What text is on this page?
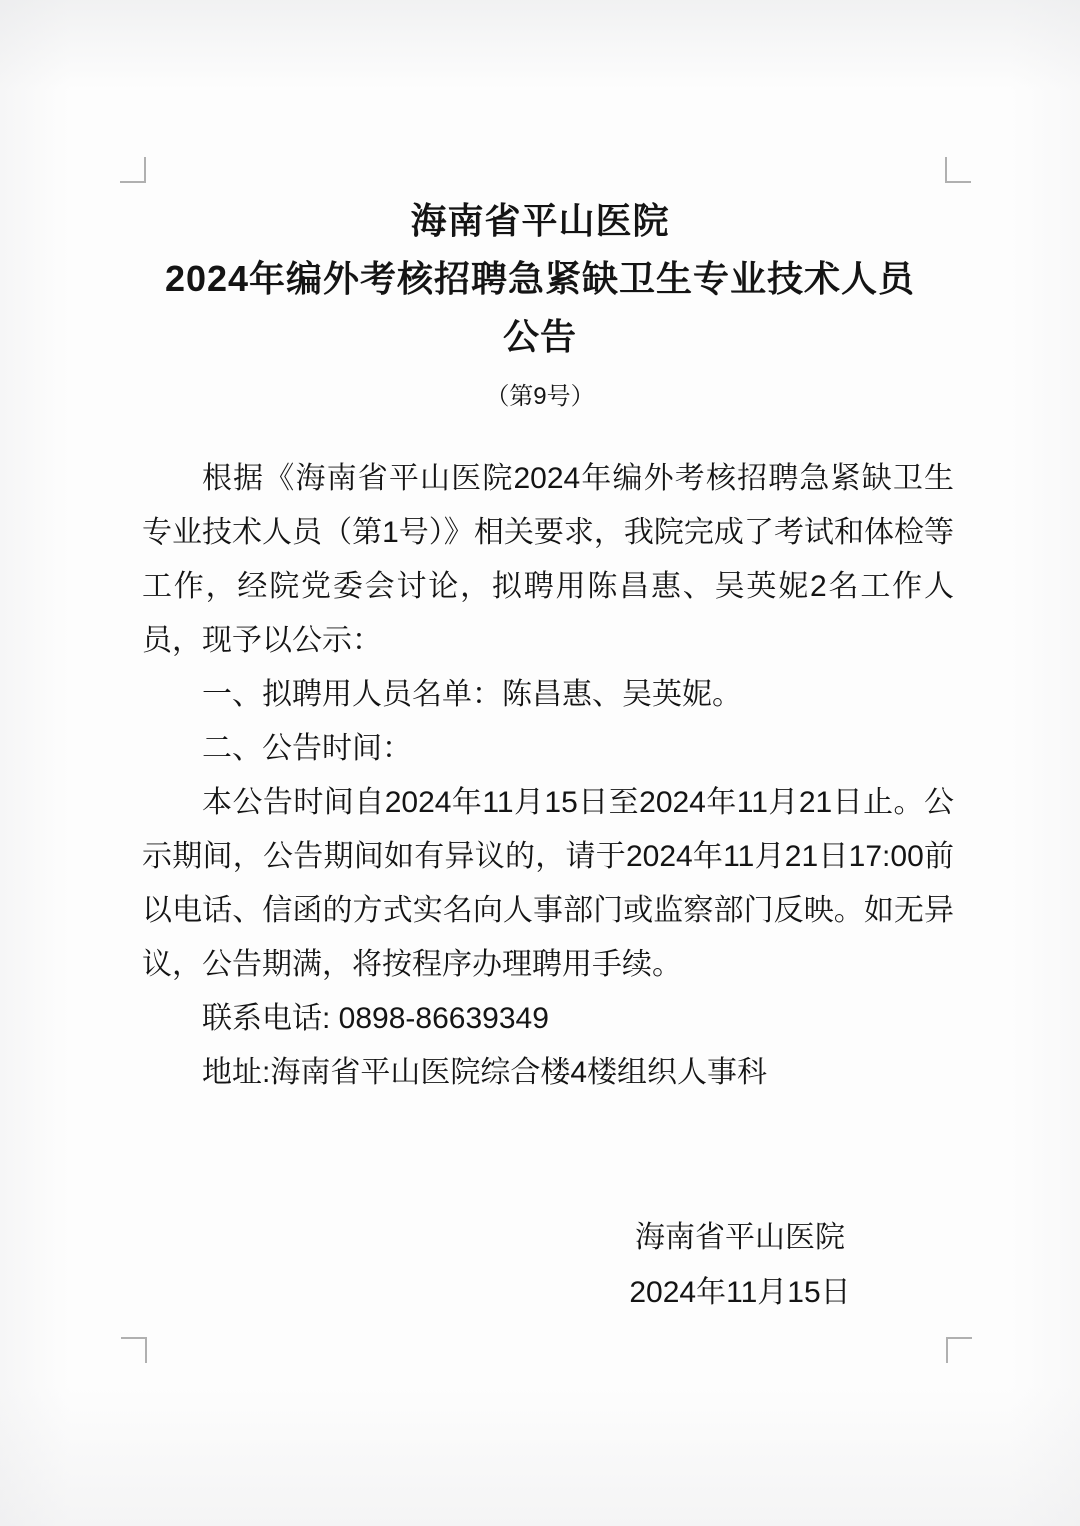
海南省平山医院
2024年编外考核招聘急紧缺卫生专业技术人员
公告
（第9号）

根据《海南省平山医院2024年编外考核招聘急紧缺卫生专业技术人员（第1号）》相关要求，我院完成了考试和体检等工作，经院党委会讨论，拟聘用陈昌惠、吴英妮2名工作人员，现予以公示：

一、拟聘用人员名单：陈昌惠、吴英妮。

二、公告时间：

本公告时间自2024年11月15日至2024年11月21日止。公示期间，公告期间如有异议的，请于2024年11月21日17:00前以电话、信函的方式实名向人事部门或监察部门反映。如无异议，公告期满，将按程序办理聘用手续。

联系电话: 0898-86639349

地址:海南省平山医院综合楼4楼组织人事科

海南省平山医院
2024年11月15日
